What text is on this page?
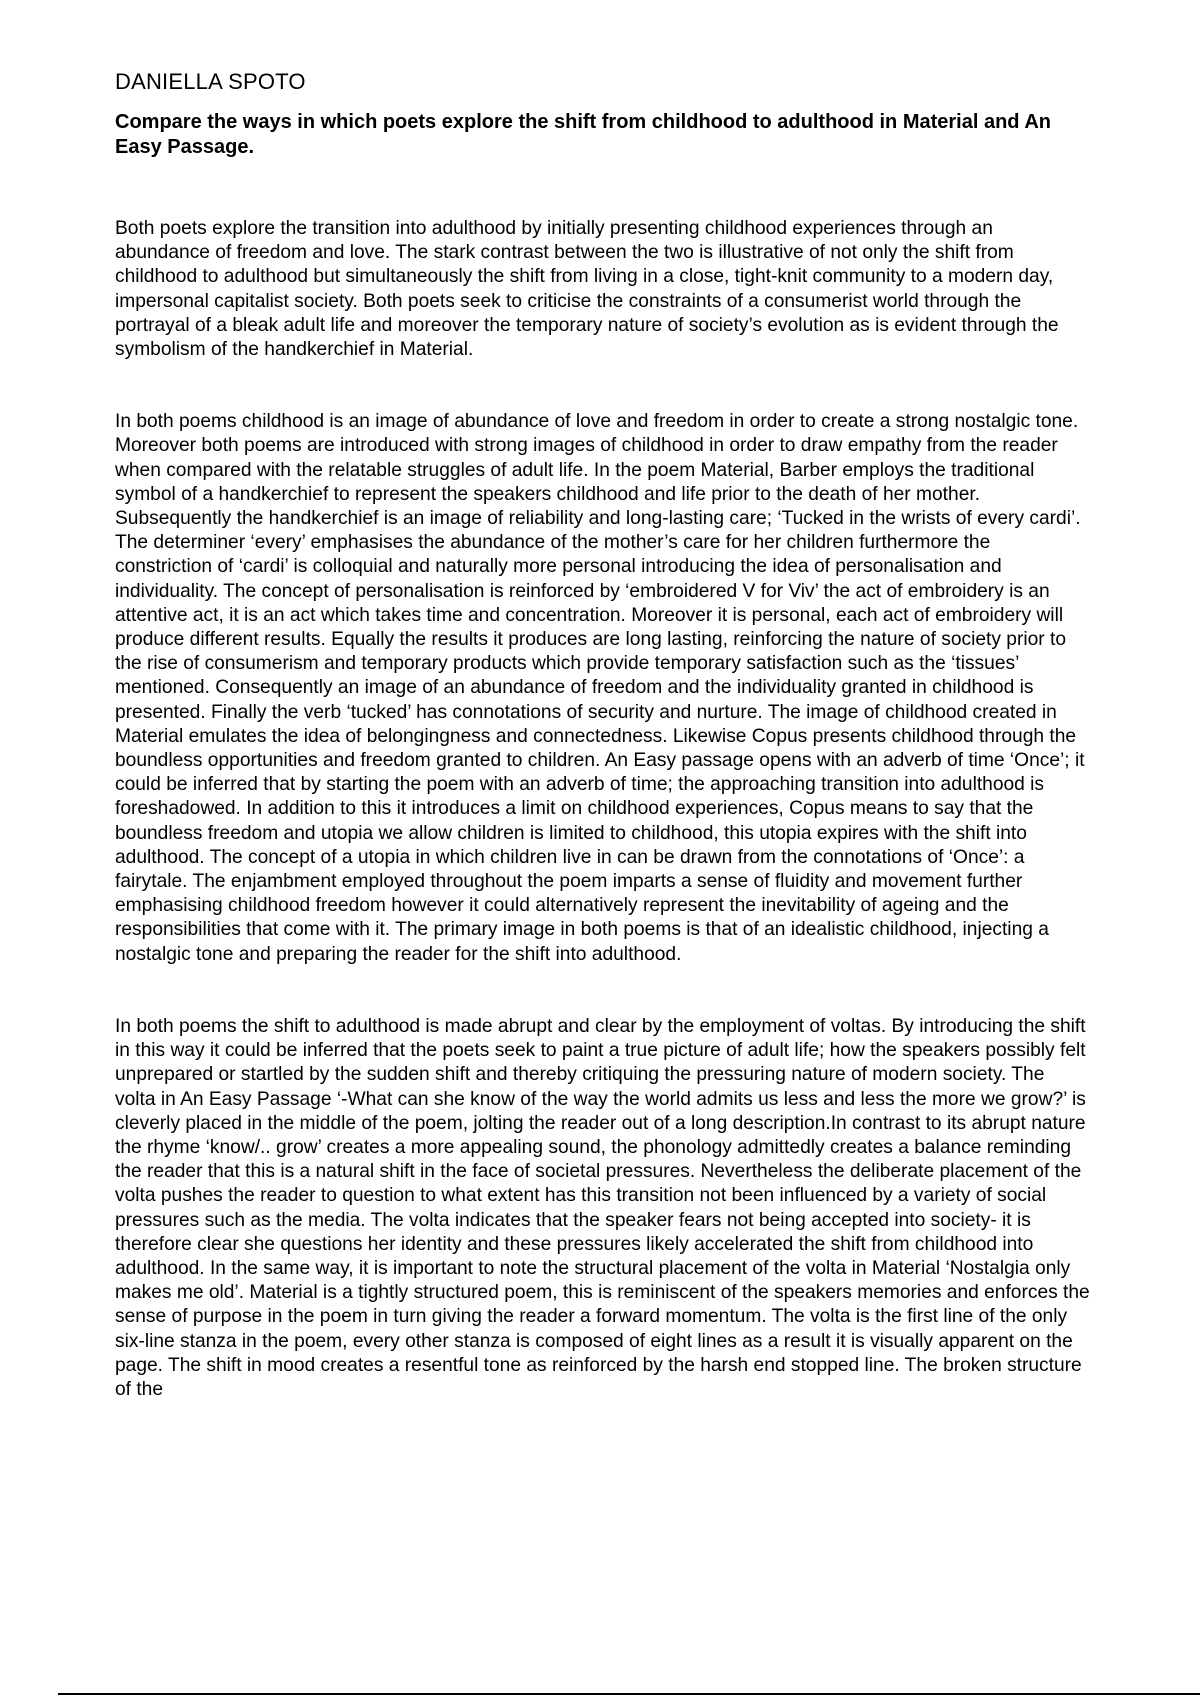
DANIELLA SPOTO
Compare the ways in which poets explore the shift from childhood to adulthood in Material and An Easy Passage.

Both poets explore the transition into adulthood by initially presenting childhood experiences through an abundance of freedom and love. The stark contrast between the two is illustrative of not only the shift from childhood to adulthood but simultaneously the shift from living in a close, tight-knit community to a modern day, impersonal capitalist society. Both poets seek to criticise the constraints of a consumerist world through the portrayal of a bleak adult life and moreover the temporary nature of society’s evolution as is evident through the symbolism of the handkerchief in Material.

In both poems childhood is an image of abundance of love and freedom in order to create a strong nostalgic tone. Moreover both poems are introduced with strong images of childhood in order to draw empathy from the reader when compared with the relatable struggles of adult life. In the poem Material, Barber employs the traditional symbol of a handkerchief to represent the speakers childhood and life prior to the death of her mother. Subsequently the handkerchief is an image of reliability and long-lasting care; ‘Tucked in the wrists of every cardi’. The determiner ‘every’ emphasises the abundance of the mother’s care for her children furthermore the constriction of ‘cardi’ is colloquial and naturally more personal introducing the idea of personalisation and individuality. The concept of personalisation is reinforced by ‘embroidered V for Viv’ the act of embroidery is an attentive act, it is an act which takes time and concentration. Moreover it is personal, each act of embroidery will produce different results. Equally the results it produces are long lasting, reinforcing the nature of society prior to the rise of consumerism and temporary products which provide temporary satisfaction such as the ‘tissues’ mentioned. Consequently an image of an abundance of freedom and the individuality granted in childhood is presented. Finally the verb ‘tucked’ has connotations of security and nurture. The image of childhood created in Material emulates the idea of belongingness and connectedness. Likewise Copus presents childhood through the boundless opportunities and freedom granted to children. An Easy passage opens with an adverb of time ‘Once’; it could be inferred that by starting the poem with an adverb of time; the approaching transition into adulthood is foreshadowed. In addition to this it introduces a limit on childhood experiences, Copus means to say that the boundless freedom and utopia we allow children is limited to childhood, this utopia expires with the shift into adulthood. The concept of a utopia in which children live in can be drawn from the connotations of ‘Once’: a fairytale. The enjambment employed throughout the poem imparts a sense of fluidity and movement further emphasising childhood freedom however it could alternatively represent the inevitability of ageing and the responsibilities that come with it. The primary image in both poems is that of an idealistic childhood, injecting a nostalgic tone and preparing the reader for the shift into adulthood.

In both poems the shift to adulthood is made abrupt and clear by the employment of voltas. By introducing the shift in this way it could be inferred that the poets seek to paint a true picture of adult life; how the speakers possibly felt unprepared or startled by the sudden shift and thereby critiquing the pressuring nature of modern society. The volta in An Easy Passage ‘-What can she know of the way the world admits us less and less the more we grow?’ is cleverly placed in the middle of the poem, jolting the reader out of a long description.In contrast to its abrupt nature the rhyme ‘know/.. grow’ creates a more appealing sound, the phonology admittedly creates a balance reminding the reader that this is a natural shift in the face of societal pressures. Nevertheless the deliberate placement of the volta pushes the reader to question to what extent has this transition not been influenced by a variety of social pressures such as the media. The volta indicates that the speaker fears not being accepted into society- it is therefore clear she questions her identity and these pressures likely accelerated the shift from childhood into adulthood. In the same way, it is important to note the structural placement of the volta in Material ‘Nostalgia only makes me old’. Material is a tightly structured poem, this is reminiscent of the speakers memories and enforces the sense of purpose in the poem in turn giving the reader a forward momentum. The volta is the first line of the only six-line stanza in the poem, every other stanza is composed of eight lines as a result it is visually apparent on the page. The shift in mood creates a resentful tone as reinforced by the harsh end stopped line. The broken structure of the
